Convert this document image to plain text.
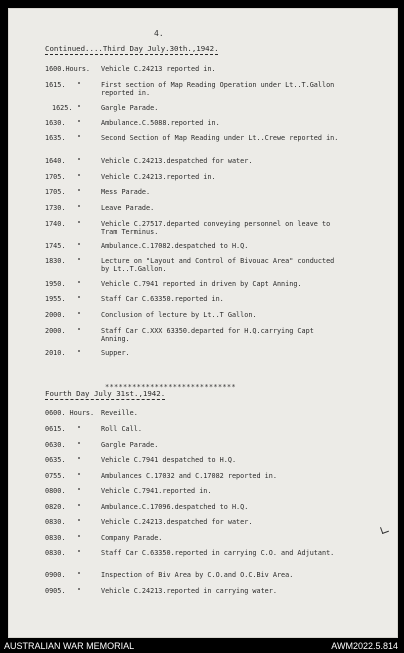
4.
Continued....Third Day July.30th.,1942.
1600.Hours. Vehicle C.24213 reported in.
1615. "	First section of Map Reading Operation under Lt..T.Gallon reported in.
1625. "	Gargle Parade.
1630. "	Ambulance.C.5088.reported in.
1635. "	Second Section of Map Reading under Lt..Crewe reported in.
1640. "	Vehicle C.24213.despatched for water.
1705. "	Vehicle C.24213.reported in.
1705. "	Mess Parade.
1730. "	Leave Parade.
1740. "	Vehicle C.27517.departed conveying personnel on leave to Tram Terminus.
1745. "	Ambulance.C.17082.despatched to H.Q.
1830. "	Lecture on "Layout and Control of Bivouac Area" conducted by Lt..T.Gallon.
1950. "	Vehicle C.7941 reported in driven by Capt Anning.
1955. "	Staff Car C.63350.reported in.
2000. "	Conclusion of lecture by Lt..T Gallon.
2000. "	Staff Car C.XXX 63350.departed for H.Q.carrying Capt Anning.
2010. "	Supper.
*****************************
Fourth Day July 31st.,1942.
0600. Hours. Reveille.
0615. "	Roll Call.
0630. "	Gargle Parade.
0635. "	Vehicle C.7941 despatched to H.Q.
0755. "	Ambulances C.17032 and C.17082 reported in.
0800. "	Vehicle C.7941.reported in.
0820. "	Ambulance.C.17096.despatched to H.Q.
0830. "	Vehicle C.24213.despatched for water.
0830. "	Company Parade.
0830. "	Staff Car C.63350.reported in carrying C.O. and Adjutant.
0900. "	Inspection of Biv Area by C.O.and O.C.Biv Area.
0905. "	Vehicle C.24213.reported in carrying water.
AUSTRALIAN WAR MEMORIAL	AWM2022.5.814
